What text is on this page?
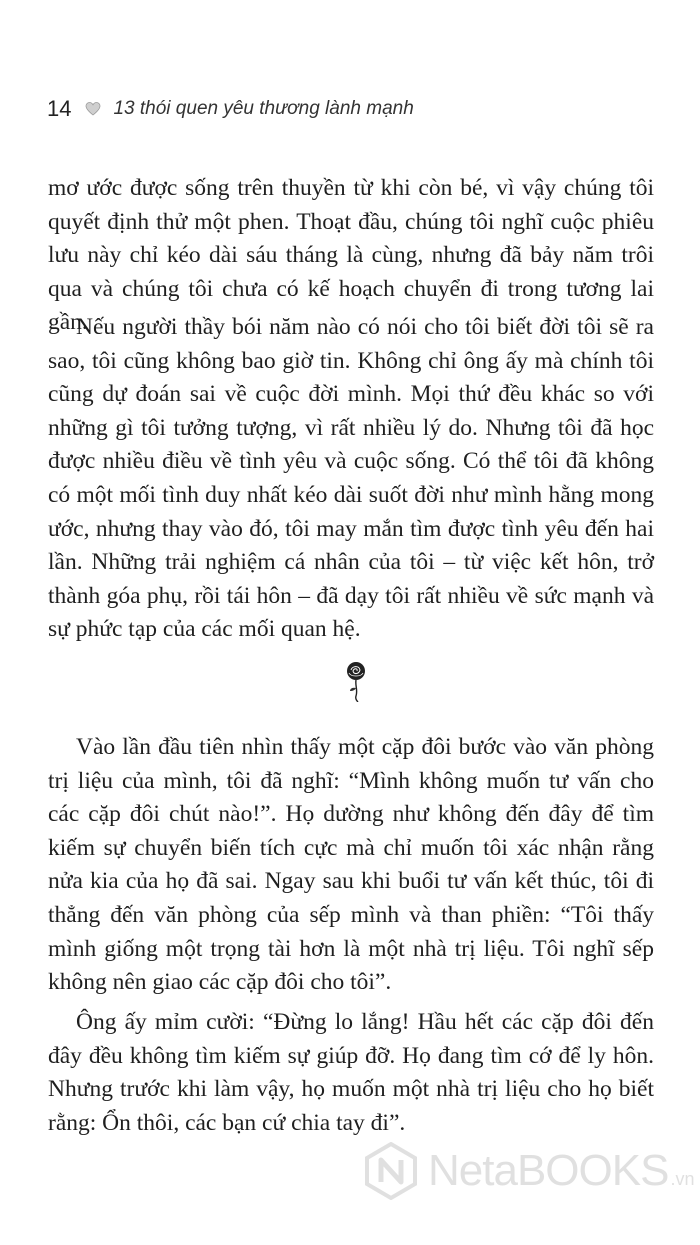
14 13 thói quen yêu thương lành mạnh

mơ ước được sống trên thuyền từ khi còn bé, vì vậy chúng tôi quyết định thử một phen. Thoạt đầu, chúng tôi nghĩ cuộc phiêu lưu này chỉ kéo dài sáu tháng là cùng, nhưng đã bảy năm trôi qua và chúng tôi chưa có kế hoạch chuyển đi trong tương lai gần.

Nếu người thầy bói năm nào có nói cho tôi biết đời tôi sẽ ra sao, tôi cũng không bao giờ tin. Không chỉ ông ấy mà chính tôi cũng dự đoán sai về cuộc đời mình. Mọi thứ đều khác so với những gì tôi tưởng tượng, vì rất nhiều lý do. Nhưng tôi đã học được nhiều điều về tình yêu và cuộc sống. Có thể tôi đã không có một mối tình duy nhất kéo dài suốt đời như mình hằng mong ước, nhưng thay vào đó, tôi may mắn tìm được tình yêu đến hai lần. Những trải nghiệm cá nhân của tôi – từ việc kết hôn, trở thành góa phụ, rồi tái hôn – đã dạy tôi rất nhiều về sức mạnh và sự phức tạp của các mối quan hệ.

Vào lần đầu tiên nhìn thấy một cặp đôi bước vào văn phòng trị liệu của mình, tôi đã nghĩ: “Mình không muốn tư vấn cho các cặp đôi chút nào!”. Họ dường như không đến đây để tìm kiếm sự chuyển biến tích cực mà chỉ muốn tôi xác nhận rằng nửa kia của họ đã sai. Ngay sau khi buổi tư vấn kết thúc, tôi đi thẳng đến văn phòng của sếp mình và than phiền: “Tôi thấy mình giống một trọng tài hơn là một nhà trị liệu. Tôi nghĩ sếp không nên giao các cặp đôi cho tôi”.

Ông ấy mỉm cười: “Đừng lo lắng! Hầu hết các cặp đôi đến đây đều không tìm kiếm sự giúp đỡ. Họ đang tìm cớ để ly hôn. Nhưng trước khi làm vậy, họ muốn một nhà trị liệu cho họ biết rằng: Ổn thôi, các bạn cứ chia tay đi”.

NetaBOOKS .vn
